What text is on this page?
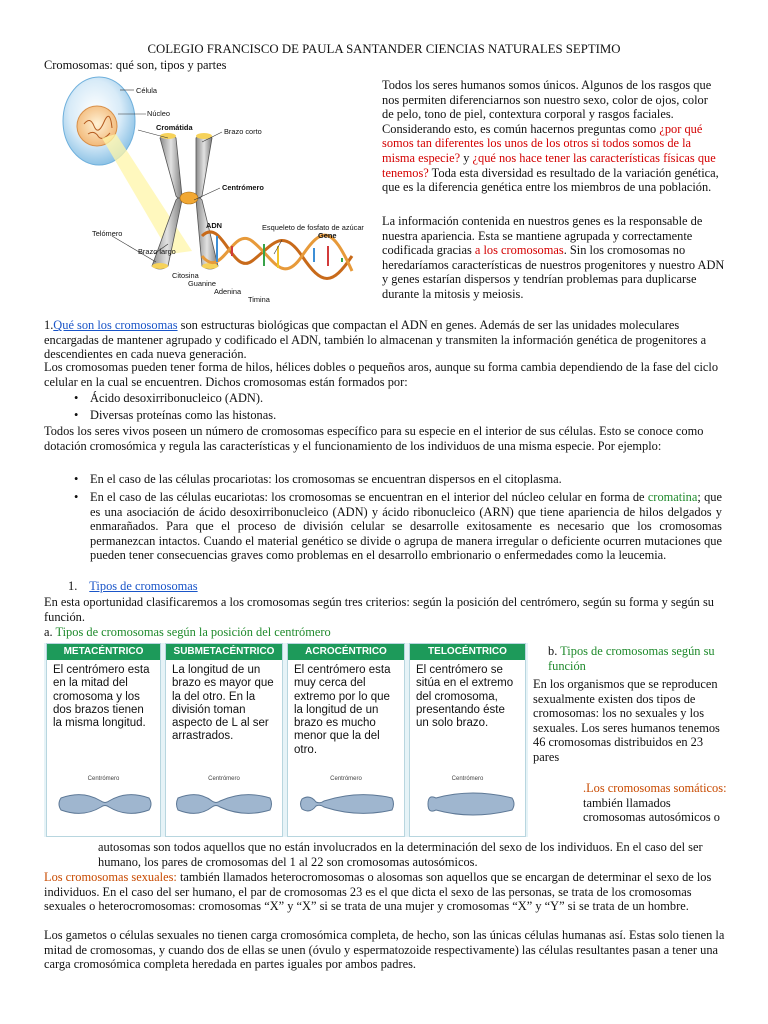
COLEGIO FRANCISCO DE PAULA SANTANDER CIENCIAS NATURALES SEPTIMO
Cromosomas: qué son, tipos y partes
Célula
Núcleo
Cromátida	Brazo corto
Centrómero
ADN
Telómero
Esqueleto de fosfato de azúcar
Brazo largo
Gene
Citosina
Guanine
Adenina
Timina

Todos los seres humanos somos únicos. Algunos de los rasgos que nos permiten diferenciarnos son nuestro sexo, color de ojos, color de pelo, tono de piel, contextura corporal y rasgos faciales. Considerando esto, es común hacernos preguntas como ¿por qué somos tan diferentes los unos de los otros si todos somos de la misma especie? y ¿qué nos hace tener las características físicas que tenemos? Toda esta diversidad es resultado de la variación genética, que es la diferencia genética entre los miembros de una población.

La información contenida en nuestros genes es la responsable de nuestra apariencia. Esta se mantiene agrupada y correctamente codificada gracias a los cromosomas. Sin los cromosomas no heredaríamos características de nuestros progenitores y nuestro ADN y genes estarían dispersos y tendrían problemas para duplicarse durante la mitosis y meiosis.

1.Qué son los cromosomas son estructuras biológicas que compactan el ADN en genes. Además de ser las unidades moleculares encargadas de mantener agrupado y codificado el ADN, también lo almacenan y transmiten la información genética de progenitores a descendientes en cada nueva generación.

Los cromosomas pueden tener forma de hilos, hélices dobles o pequeños aros, aunque su forma cambia dependiendo de la fase del ciclo celular en la cual se encuentren. Dichos cromosomas están formados por:

• Ácido desoxirribonucleico (ADN).
• Diversas proteínas como las histonas.

Todos los seres vivos poseen un número de cromosomas específico para su especie en el interior de sus células. Esto se conoce como dotación cromosómica y regula las características y el funcionamiento de los individuos de una misma especie. Por ejemplo:

• En el caso de las células procariotas: los cromosomas se encuentran dispersos en el citoplasma.
• En el caso de las células eucariotas: los cromosomas se encuentran en el interior del núcleo celular en forma de cromatina; que es una asociación de ácido desoxirribonucleico (ADN) y ácido ribonucleico (ARN) que tiene apariencia de hilos delgados y enmarañados. Para que el proceso de división celular se desarrolle exitosamente es necesario que los cromosomas permanezcan intactos. Cuando el material genético se divide o agrupa de manera irregular o deficiente ocurren mutaciones que pueden tener consecuencias graves como problemas en el desarrollo embrionario o enfermedades como la leucemia.
1. Tipos de cromosomas

En esta oportunidad clasificaremos a los cromosomas según tres criterios: según la posición del centrómero, según su forma y según su función.

a. Tipos de cromosomas según la posición del centrómero
METACÉNTRICO
El centrómero esta en la mitad del cromosoma y los dos brazos tienen la misma longitud.
Centrómero
SUBMETACÉNTRICO
La longitud de un brazo es mayor que la del otro. En la división toman aspecto de L al ser arrastrados.
Centrómero
ACROCÉNTRICO
El centrómero esta muy cerca del extremo por lo que la longitud de un brazo es mucho menor que la del otro.
Centrómero
TELOCÉNTRICO
El centrómero se sitúa en el extremo del cromosoma, presentando éste un solo brazo.
Centrómero
b. Tipos de cromosomas según su función

En los organismos que se reproducen sexualmente existen dos tipos de cromosomas: los no sexuales y los sexuales. Los seres humanos tenemos 46 cromosomas distribuidos en 23 pares

.Los cromosomas somáticos: también llamados cromosomas autosómicos o

autosomas son todos aquellos que no están involucrados en la determinación del sexo de los individuos. En el caso del ser humano, los pares de cromosomas del 1 al 22 son cromosomas autosómicos.

Los cromosomas sexuales: también llamados heterocromosomas o alosomas son aquellos que se encargan de determinar el sexo de los individuos. En el caso del ser humano, el par de cromosomas 23 es el que dicta el sexo de las personas, se trata de los cromosomas sexuales o heterocromosomas: cromosomas “X” y “X” si se trata de una mujer y cromosomas “X” y “Y” si se trata de un hombre.

Los gametos o células sexuales no tienen carga cromosómica completa, de hecho, son las únicas células humanas así. Estas solo tienen la mitad de cromosomas, y cuando dos de ellas se unen (óvulo y espermatozoide respectivamente) las células resultantes pasan a tener una carga cromosómica completa heredada en partes iguales por ambos padres.
